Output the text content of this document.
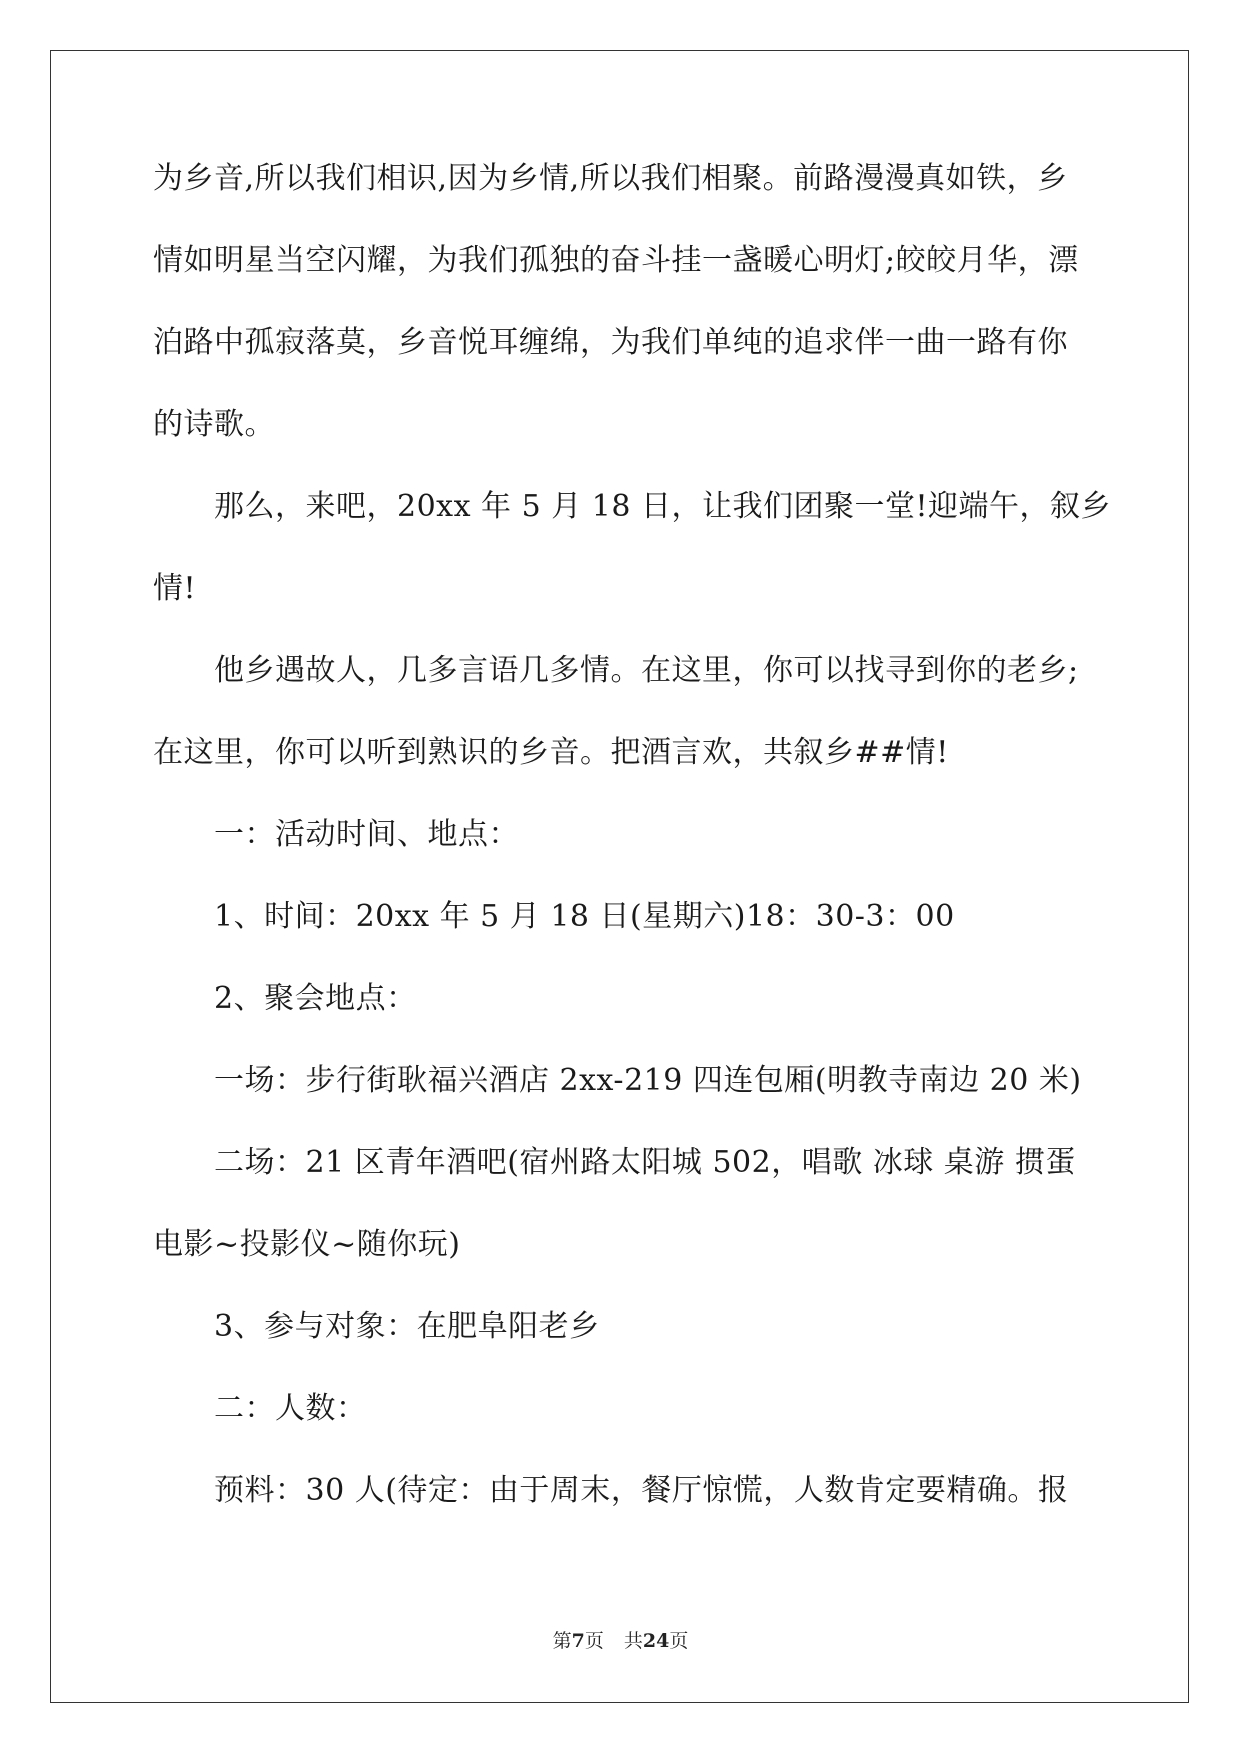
为乡音,所以我们相识,因为乡情,所以我们相聚。前路漫漫真如铁，乡
情如明星当空闪耀，为我们孤独的奋斗挂一盏暖心明灯;皎皎月华，漂
泊路中孤寂落莫，乡音悦耳缠绵，为我们单纯的追求伴一曲一路有你
的诗歌。
那么，来吧，20xx 年 5 月 18 日，让我们团聚一堂!迎端午，叙乡
情!
他乡遇故人，几多言语几多情。在这里，你可以找寻到你的老乡;
在这里，你可以听到熟识的乡音。把酒言欢，共叙乡##情!
一：活动时间、地点：
1、时间：20xx 年 5 月 18 日(星期六)18：30-3：00
2、聚会地点：
一场：步行街耿福兴酒店 2xx-219 四连包厢(明教寺南边 20 米)
二场：21 区青年酒吧(宿州路太阳城 502，唱歌 冰球 桌游 掼蛋
电影~投影仪~随你玩)
3、参与对象：在肥阜阳老乡
二：人数：
预料：30 人(待定：由于周末，餐厅惊慌，人数肯定要精确。报
第7页 共24页
